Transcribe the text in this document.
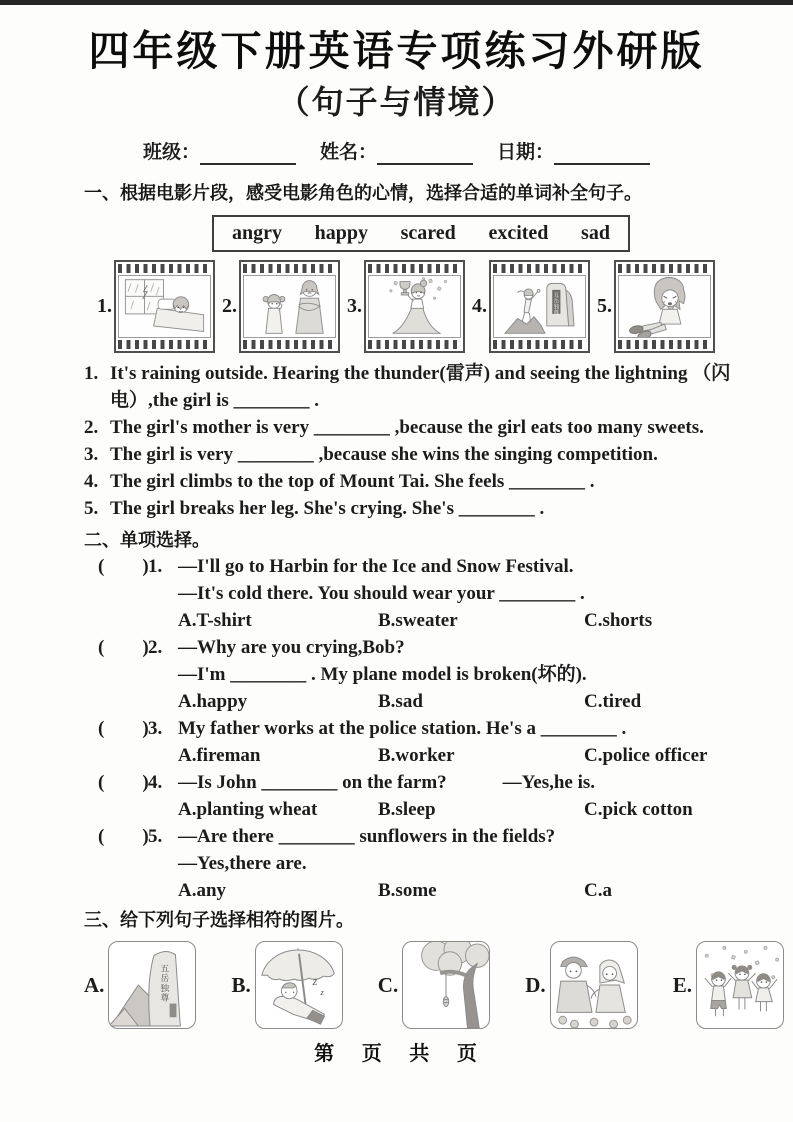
四年级下册英语专项练习外研版
（句子与情境）
班级：	姓名：	日期：
一、根据电影片段，感受电影角色的心情，选择合适的单词补全句子。
angry happy scared excited sad
1.	2.	3.	4.	五
岳
独
尊 5.
1. It's raining outside. Hearing the thunder(雷声) and seeing the lightning （闪电）,the girl is ________ .
2. The girl's mother is very ________ ,because the girl eats too many sweets.
3. The girl is very ________ ,because she wins the singing competition.
4. The girl climbs to the top of Mount Tai. She feels ________ .
5. The girl breaks her leg. She's crying. She's ________ .
二、单项选择。
(        ) 1. —I'll go to Harbin for the Ice and Snow Festival.
—It's cold there. You should wear your ________ .
A.T-shirt	B.sweater	C.shorts
(        ) 2. —Why are you crying,Bob?
—I'm ________ . My plane model is broken(坏的).
A.happy	B.sad	C.tired
(        ) 3. My father works at the police station. He's a ________ .
A.fireman	B.worker	C.police officer
(        ) 4. —Is John ________ on the farm?	—Yes,he is.
A.planting wheat	B.sleep	C.pick cotton
(        ) 5. —Are there ________ sunflowers in the fields?
—Yes,there are.
A.any	B.some	C.a
三、给下列句子选择相符的图片。
A.
五
岳
独
尊
B.	z
z	C.	D.	E.
第 页 共 页
